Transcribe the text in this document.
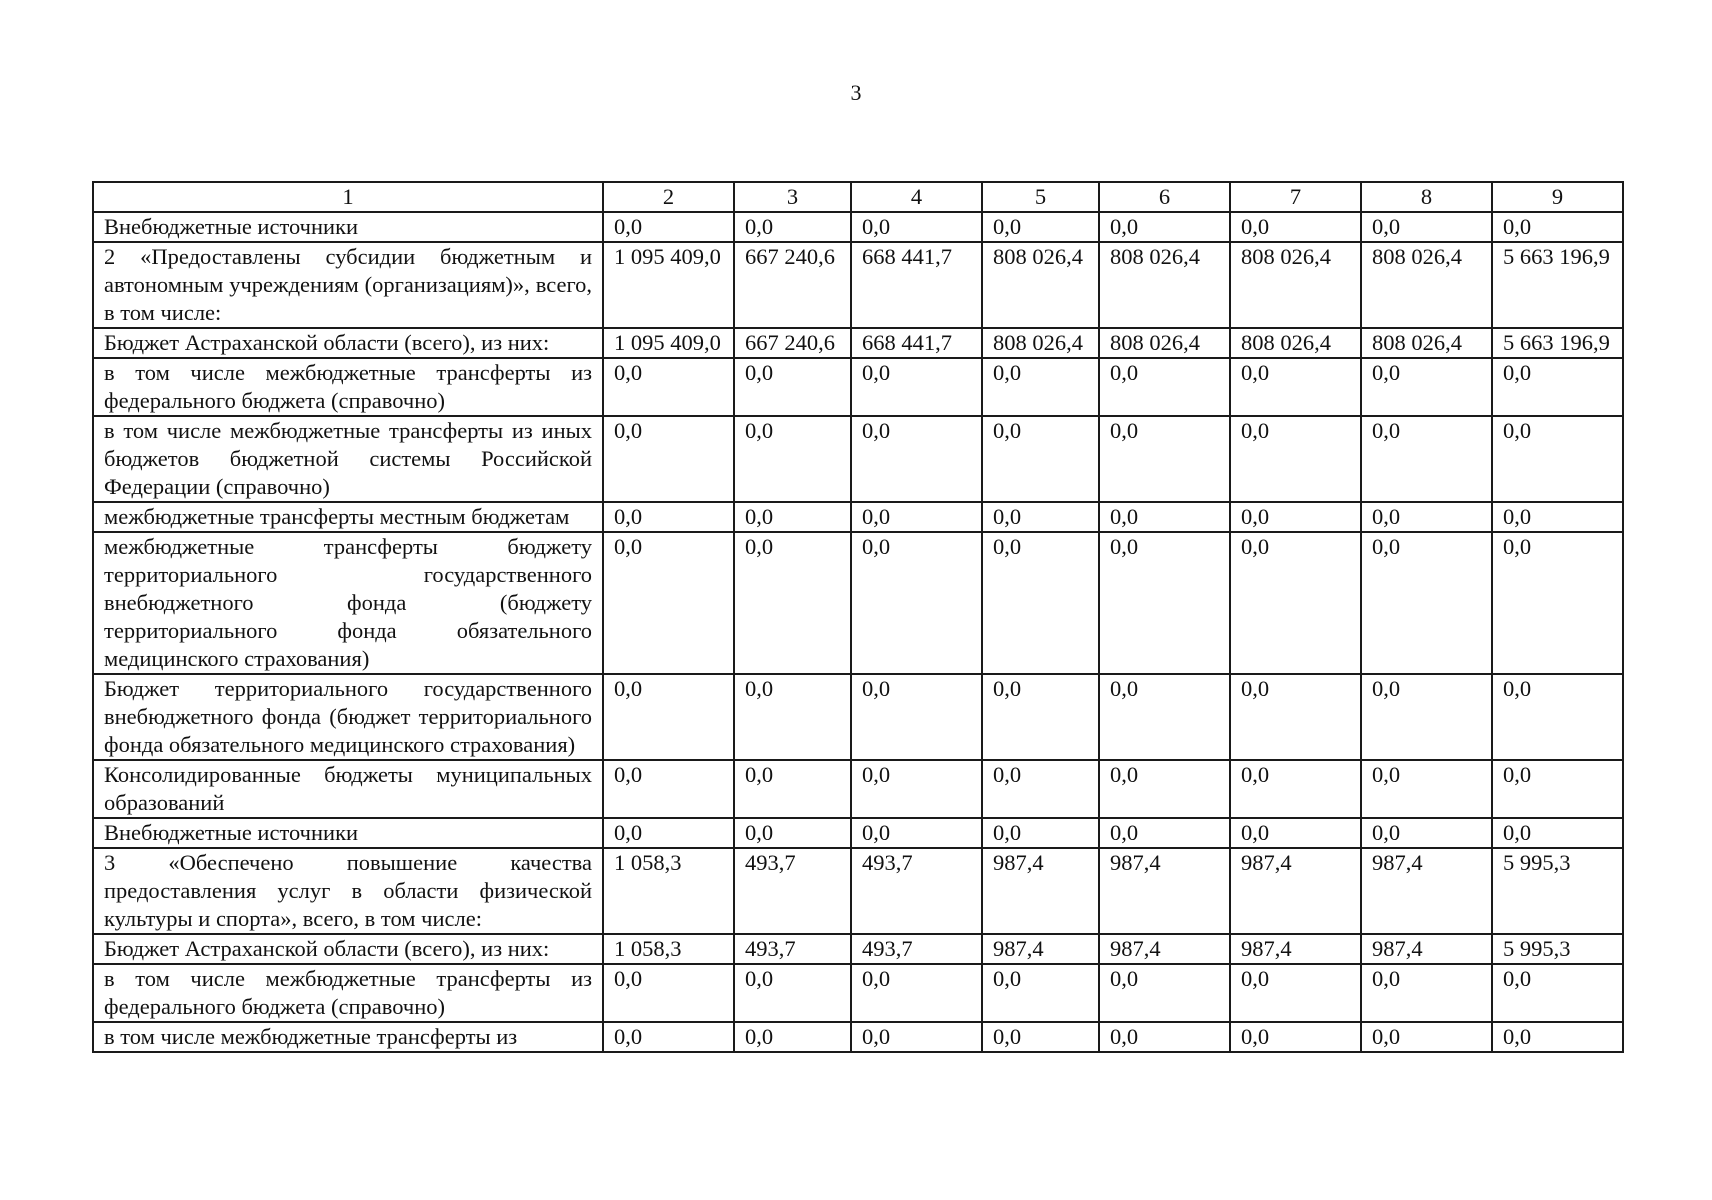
3
1	2	3	4	5	6	7	8	9
Внебюджетные источники	0,0	0,0	0,0	0,0	0,0	0,0	0,0	0,0
2 «Предоставлены субсидии бюджетным и автономным учреждениям (организациям)», всего, в том числе:	1 095 409,0	667 240,6	668 441,7	808 026,4	808 026,4	808 026,4	808 026,4	5 663 196,9
Бюджет Астраханской области (всего), из них:	1 095 409,0	667 240,6	668 441,7	808 026,4	808 026,4	808 026,4	808 026,4	5 663 196,9
в том числе межбюджетные трансферты из федерального бюджета (справочно)	0,0	0,0	0,0	0,0	0,0	0,0	0,0	0,0
в том числе межбюджетные трансферты из иных бюджетов бюджетной системы Российской Федерации (справочно)	0,0	0,0	0,0	0,0	0,0	0,0	0,0	0,0
межбюджетные трансферты местным бюджетам	0,0	0,0	0,0	0,0	0,0	0,0	0,0	0,0
межбюджетные трансферты бюджету территориального государственного внебюджетного фонда (бюджету территориального фонда обязательного медицинского страхования)	0,0	0,0	0,0	0,0	0,0	0,0	0,0	0,0
Бюджет территориального государственного внебюджетного фонда (бюджет территориального фонда обязательного медицинского страхования)	0,0	0,0	0,0	0,0	0,0	0,0	0,0	0,0
Консолидированные бюджеты муниципальных образований	0,0	0,0	0,0	0,0	0,0	0,0	0,0	0,0
Внебюджетные источники	0,0	0,0	0,0	0,0	0,0	0,0	0,0	0,0
3 «Обеспечено повышение качества предоставления услуг в области физической культуры и спорта», всего, в том числе:	1 058,3	493,7	493,7	987,4	987,4	987,4	987,4	5 995,3
Бюджет Астраханской области (всего), из них:	1 058,3	493,7	493,7	987,4	987,4	987,4	987,4	5 995,3
в том числе межбюджетные трансферты из федерального бюджета (справочно)	0,0	0,0	0,0	0,0	0,0	0,0	0,0	0,0
в том числе межбюджетные трансферты из	0,0	0,0	0,0	0,0	0,0	0,0	0,0	0,0
